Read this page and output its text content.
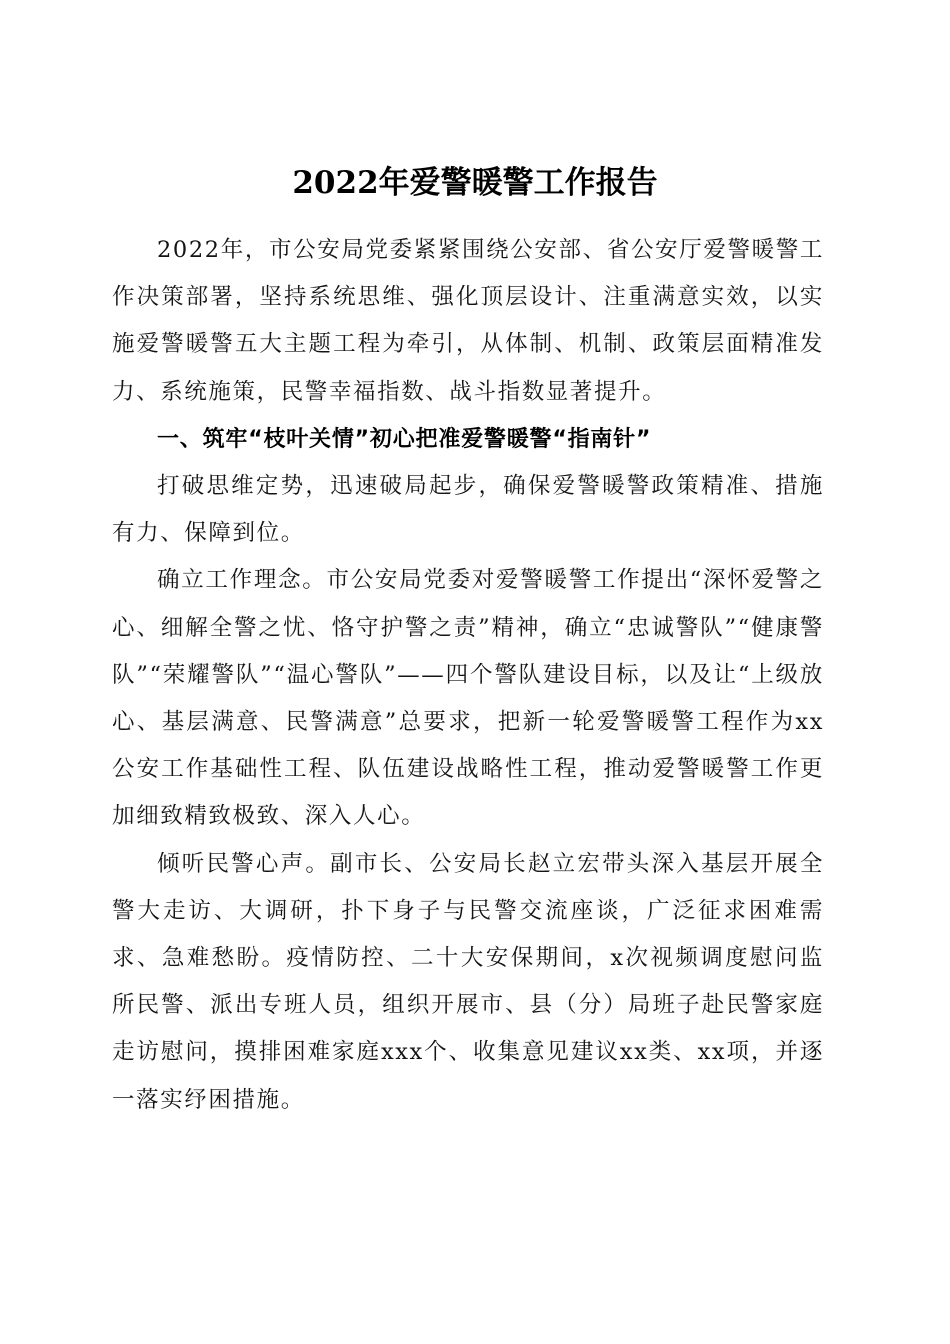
2022年爱警暖警工作报告

2022年，市公安局党委紧紧围绕公安部、省公安厅爱警暖警工作决策部署，坚持系统思维、强化顶层设计、注重满意实效，以实施爱警暖警五大主题工程为牵引，从体制、机制、政策层面精准发力、系统施策，民警幸福指数、战斗指数显著提升。

一、筑牢“枝叶关情”初心把准爱警暖警“指南针”

打破思维定势，迅速破局起步，确保爱警暖警政策精准、措施有力、保障到位。

确立工作理念。市公安局党委对爱警暖警工作提出“深怀爱警之心、细解全警之忧、恪守护警之责”精神，确立“忠诚警队”“健康警队”“荣耀警队”“温心警队”——四个警队建设目标，以及让“上级放心、基层满意、民警满意”总要求，把新一轮爱警暖警工程作为xx公安工作基础性工程、队伍建设战略性工程，推动爱警暖警工作更加细致精致极致、深入人心。

倾听民警心声。副市长、公安局长赵立宏带头深入基层开展全警大走访、大调研，扑下身子与民警交流座谈，广泛征求困难需求、急难愁盼。疫情防控、二十大安保期间，x次视频调度慰问监所民警、派出专班人员，组织开展市、县（分）局班子赴民警家庭走访慰问，摸排困难家庭xxx个、收集意见建议xx类、xx项，并逐一落实纾困措施。
